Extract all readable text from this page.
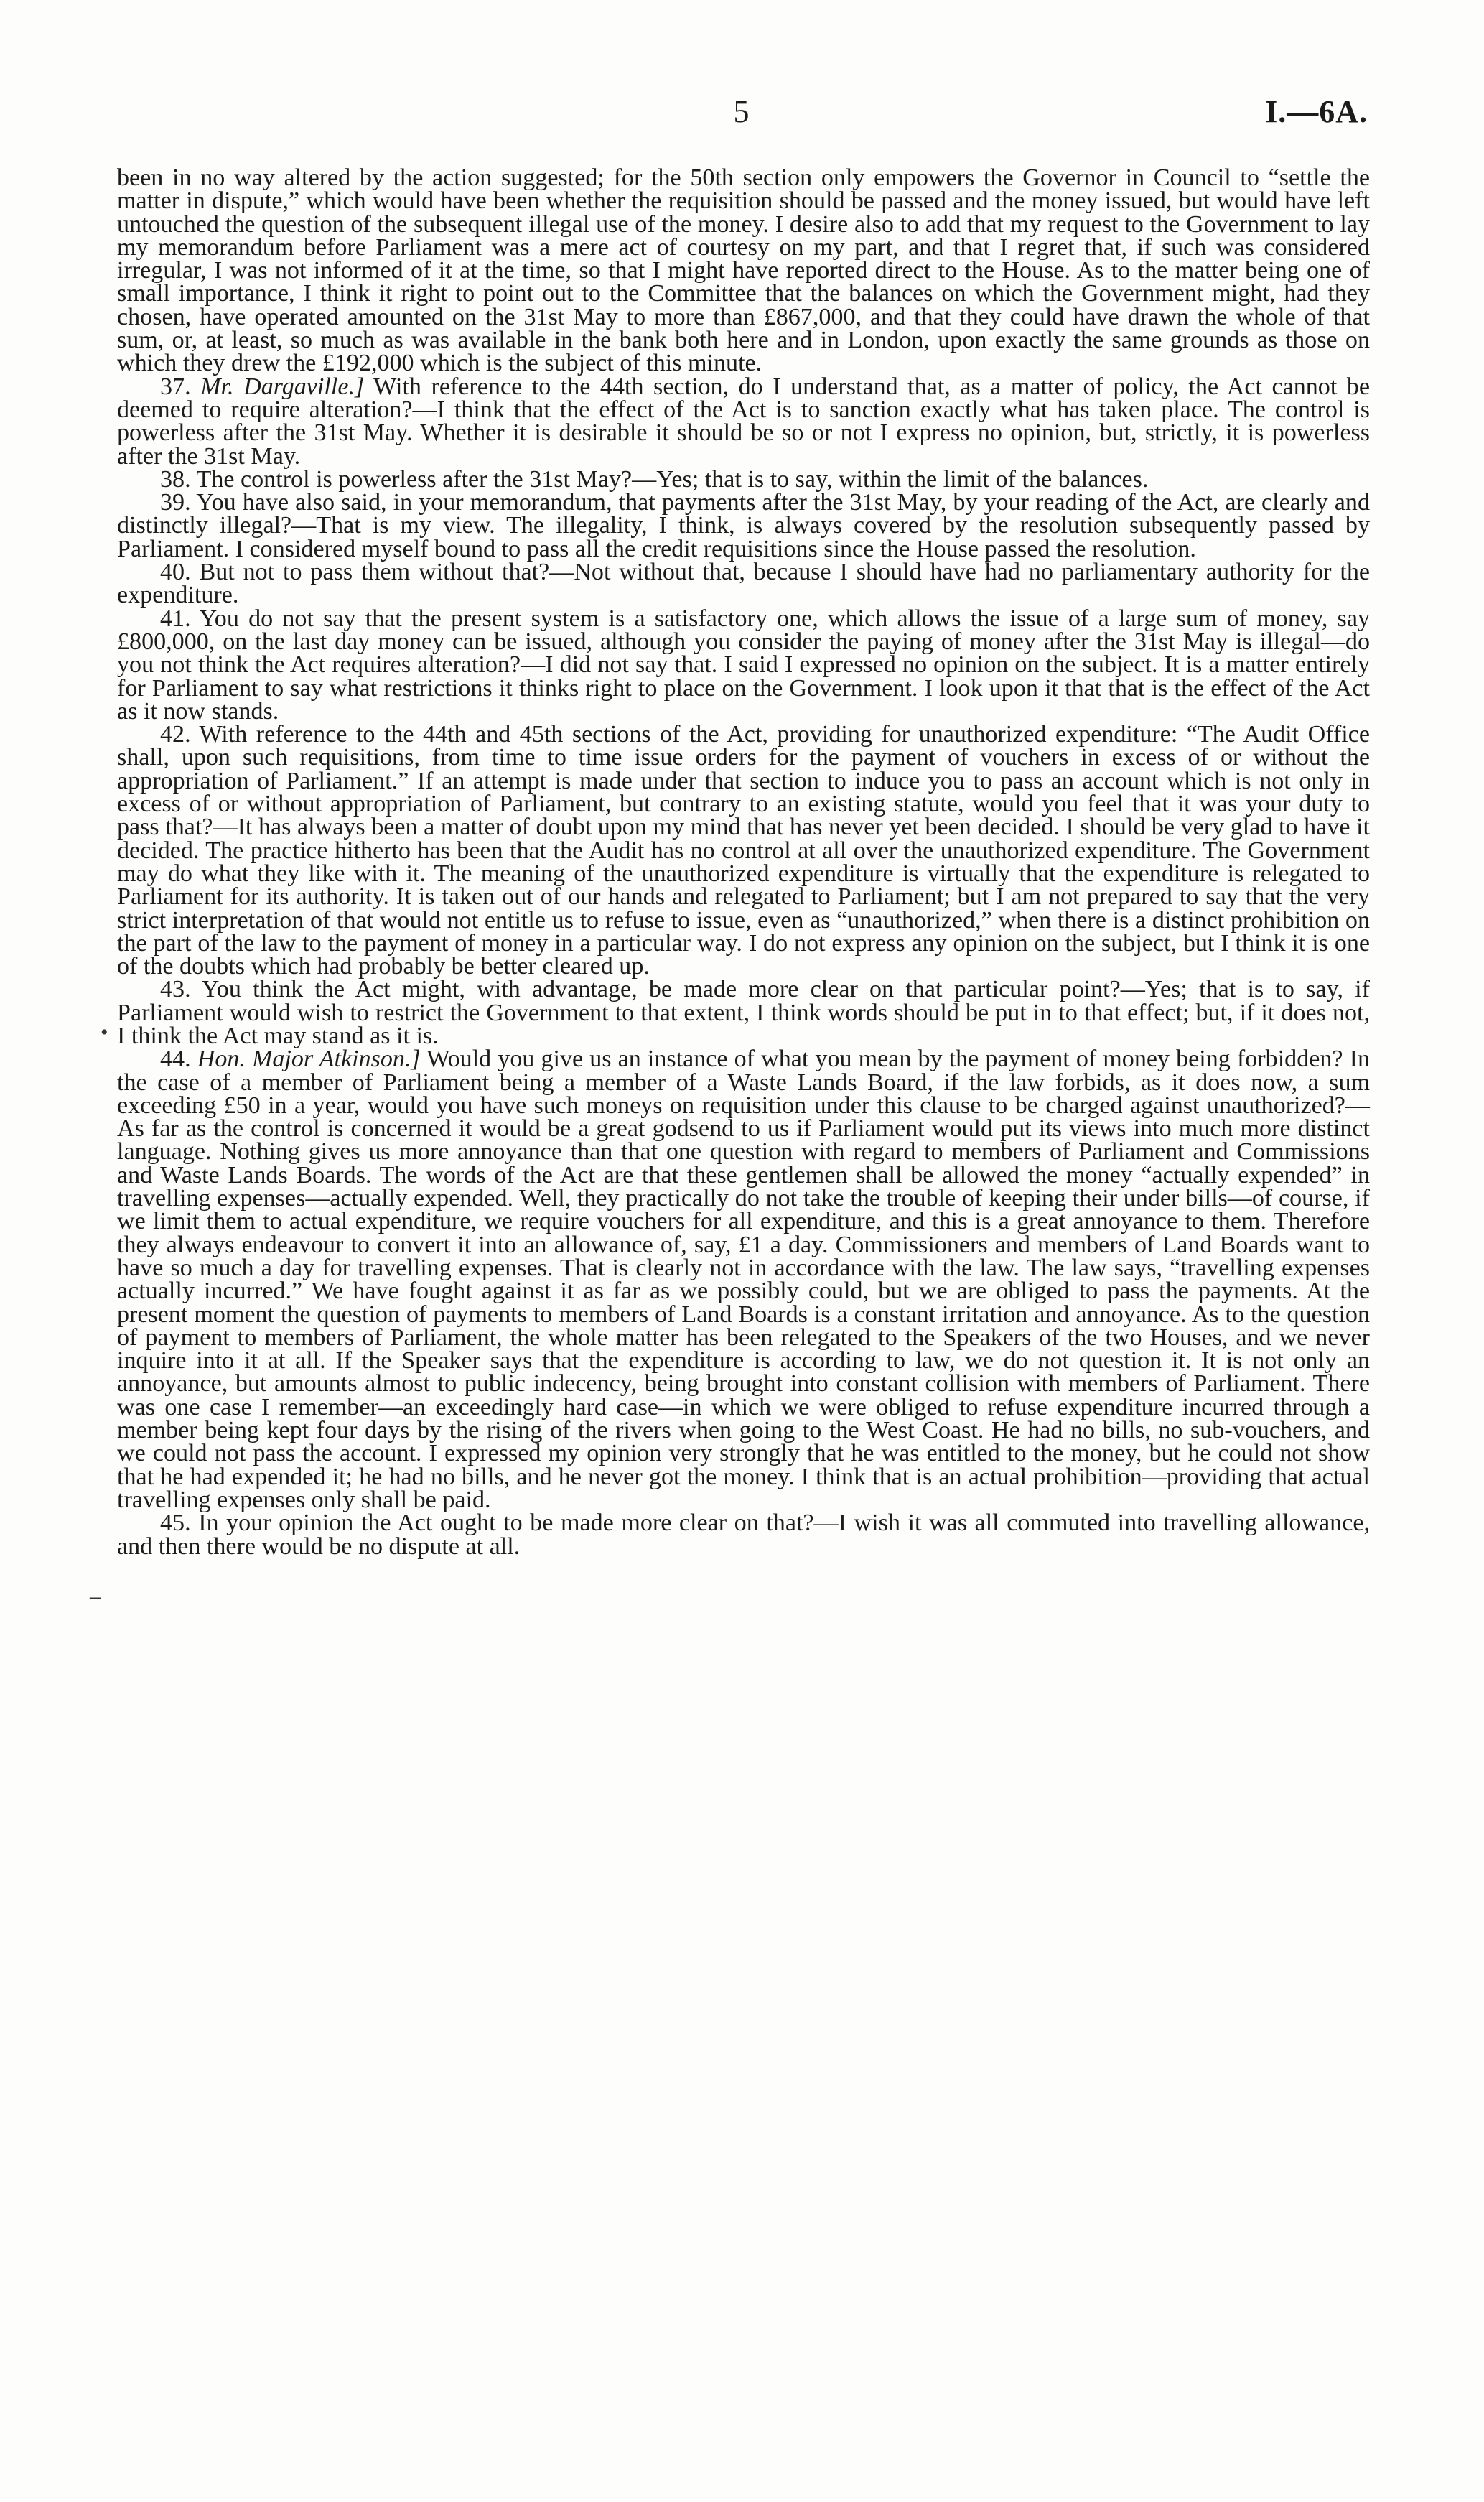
5	I.—6A.

been in no way altered by the action suggested; for the 50th section only empowers the Governor in Council to “settle the matter in dispute,” which would have been whether the requisition should be passed and the money issued, but would have left untouched the question of the subsequent illegal use of the money. I desire also to add that my request to the Government to lay my memorandum before Parliament was a mere act of courtesy on my part, and that I regret that, if such was considered irregular, I was not informed of it at the time, so that I might have reported direct to the House. As to the matter being one of small importance, I think it right to point out to the Committee that the balances on which the Government might, had they chosen, have operated amounted on the 31st May to more than £867,000, and that they could have drawn the whole of that sum, or, at least, so much as was available in the bank both here and in London, upon exactly the same grounds as those on which they drew the £192,000 which is the subject of this minute.

37. Mr. Dargaville.] With reference to the 44th section, do I understand that, as a matter of policy, the Act cannot be deemed to require alteration?—I think that the effect of the Act is to sanction exactly what has taken place. The control is powerless after the 31st May. Whether it is desirable it should be so or not I express no opinion, but, strictly, it is powerless after the 31st May.

38. The control is powerless after the 31st May?—Yes; that is to say, within the limit of the balances.

39. You have also said, in your memorandum, that payments after the 31st May, by your reading of the Act, are clearly and distinctly illegal?—That is my view. The illegality, I think, is always covered by the resolution subsequently passed by Parliament. I considered myself bound to pass all the credit requisitions since the House passed the resolution.

40. But not to pass them without that?—Not without that, because I should have had no parliamentary authority for the expenditure.

41. You do not say that the present system is a satisfactory one, which allows the issue of a large sum of money, say £800,000, on the last day money can be issued, although you consider the paying of money after the 31st May is illegal—do you not think the Act requires alteration?—I did not say that. I said I expressed no opinion on the subject. It is a matter entirely for Parliament to say what restrictions it thinks right to place on the Government. I look upon it that that is the effect of the Act as it now stands.

42. With reference to the 44th and 45th sections of the Act, providing for unauthorized expenditure: “The Audit Office shall, upon such requisitions, from time to time issue orders for the payment of vouchers in excess of or without the appropriation of Parliament.” If an attempt is made under that section to induce you to pass an account which is not only in excess of or without appropriation of Parliament, but contrary to an existing statute, would you feel that it was your duty to pass that?—It has always been a matter of doubt upon my mind that has never yet been decided. I should be very glad to have it decided. The practice hitherto has been that the Audit has no control at all over the unauthorized expenditure. The Government may do what they like with it. The meaning of the unauthorized expenditure is virtually that the expenditure is relegated to Parliament for its authority. It is taken out of our hands and relegated to Parliament; but I am not prepared to say that the very strict interpretation of that would not entitle us to refuse to issue, even as “unauthorized,” when there is a distinct prohibition on the part of the law to the payment of money in a particular way. I do not express any opinion on the subject, but I think it is one of the doubts which had probably be better cleared up.

43. You think the Act might, with advantage, be made more clear on that particular point?—Yes; that is to say, if Parliament would wish to restrict the Government to that extent, I think words should be put in to that effect; but, if it does not, I think the Act may stand as it is.

44. Hon. Major Atkinson.] Would you give us an instance of what you mean by the payment of money being forbidden? In the case of a member of Parliament being a member of a Waste Lands Board, if the law forbids, as it does now, a sum exceeding £50 in a year, would you have such moneys on requisition under this clause to be charged against unauthorized?—As far as the control is concerned it would be a great godsend to us if Parliament would put its views into much more distinct language. Nothing gives us more annoyance than that one question with regard to members of Parliament and Commissions and Waste Lands Boards. The words of the Act are that these gentlemen shall be allowed the money “actually expended” in travelling expenses—actually expended. Well, they practically do not take the trouble of keeping their under bills—of course, if we limit them to actual expenditure, we require vouchers for all expenditure, and this is a great annoyance to them. Therefore they always endeavour to convert it into an allowance of, say, £1 a day. Commissioners and members of Land Boards want to have so much a day for travelling expenses. That is clearly not in accordance with the law. The law says, “travelling expenses actually incurred.” We have fought against it as far as we possibly could, but we are obliged to pass the payments. At the present moment the question of payments to members of Land Boards is a constant irritation and annoyance. As to the question of payment to members of Parliament, the whole matter has been relegated to the Speakers of the two Houses, and we never inquire into it at all. If the Speaker says that the expenditure is according to law, we do not question it. It is not only an annoyance, but amounts almost to public indecency, being brought into constant collision with members of Parliament. There was one case I remember—an exceedingly hard case—in which we were obliged to refuse expenditure incurred through a member being kept four days by the rising of the rivers when going to the West Coast. He had no bills, no sub-vouchers, and we could not pass the account. I expressed my opinion very strongly that he was entitled to the money, but he could not show that he had expended it; he had no bills, and he never got the money. I think that is an actual prohibition—providing that actual travelling expenses only shall be paid.

45. In your opinion the Act ought to be made more clear on that?—I wish it was all commuted into travelling allowance, and then there would be no dispute at all.

•
–
